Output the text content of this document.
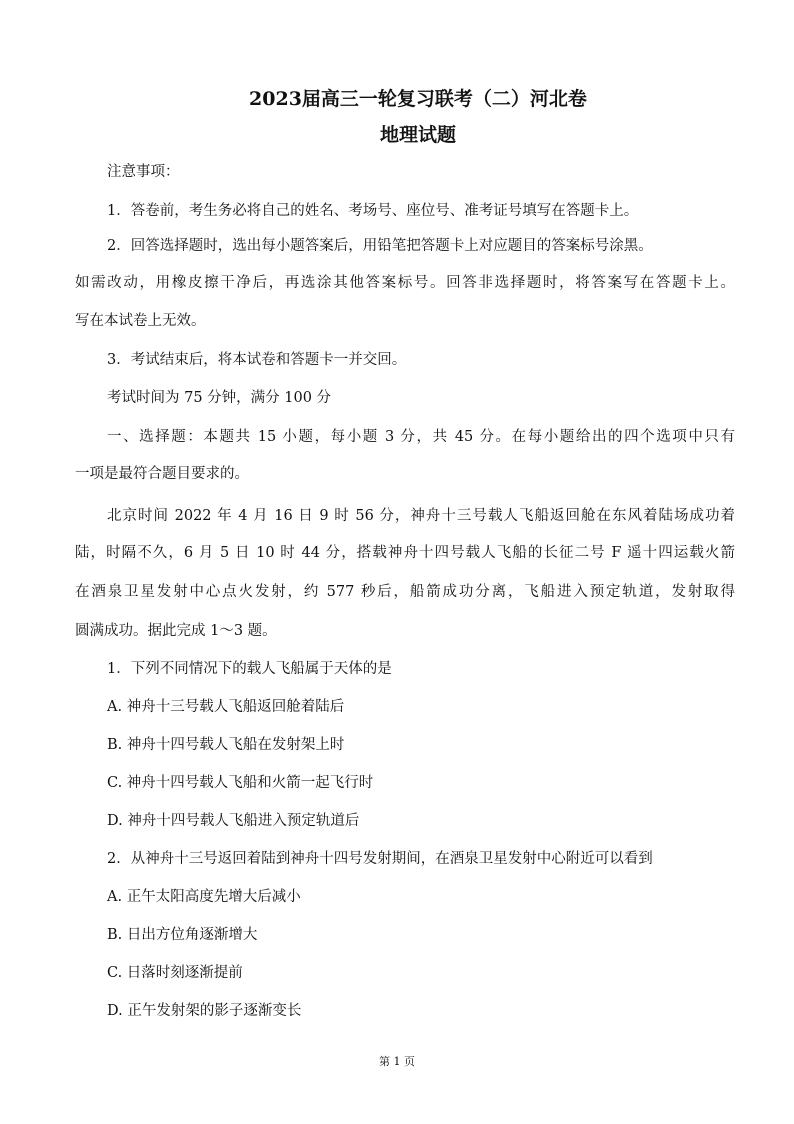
2023届高三一轮复习联考（二）河北卷
地理试题

注意事项：

1．答卷前，考生务必将自己的姓名、考场号、座位号、准考证号填写在答题卡上。

2．回答选择题时，选出每小题答案后，用铅笔把答题卡上对应题目的答案标号涂黑。

如需改动，用橡皮擦干净后，再选涂其他答案标号。回答非选择题时，将答案写在答题卡上。

写在本试卷上无效。

3．考试结束后，将本试卷和答题卡一并交回。

考试时间为 75 分钟，满分 100 分

一、选择题：本题共 15 小题，每小题 3 分，共 45 分。在每小题给出的四个选项中只有

一项是最符合题目要求的。

北京时间 2022 年 4 月 16 日 9 时 56 分，神舟十三号载人飞船返回舱在东风着陆场成功着

陆，时隔不久，6 月 5 日 10 时 44 分，搭载神舟十四号载人飞船的长征二号 F 遥十四运载火箭

在酒泉卫星发射中心点火发射，约 577 秒后，船箭成功分离，飞船进入预定轨道，发射取得

圆满成功。据此完成 1～3 题。

1．下列不同情况下的载人飞船属于天体的是

A. 神舟十三号载人飞船返回舱着陆后

B. 神舟十四号载人飞船在发射架上时

C. 神舟十四号载人飞船和火箭一起飞行时

D. 神舟十四号载人飞船进入预定轨道后

2．从神舟十三号返回着陆到神舟十四号发射期间，在酒泉卫星发射中心附近可以看到

A. 正午太阳高度先增大后减小

B. 日出方位角逐渐增大

C. 日落时刻逐渐提前

D. 正午发射架的影子逐渐变长

第 1 页
